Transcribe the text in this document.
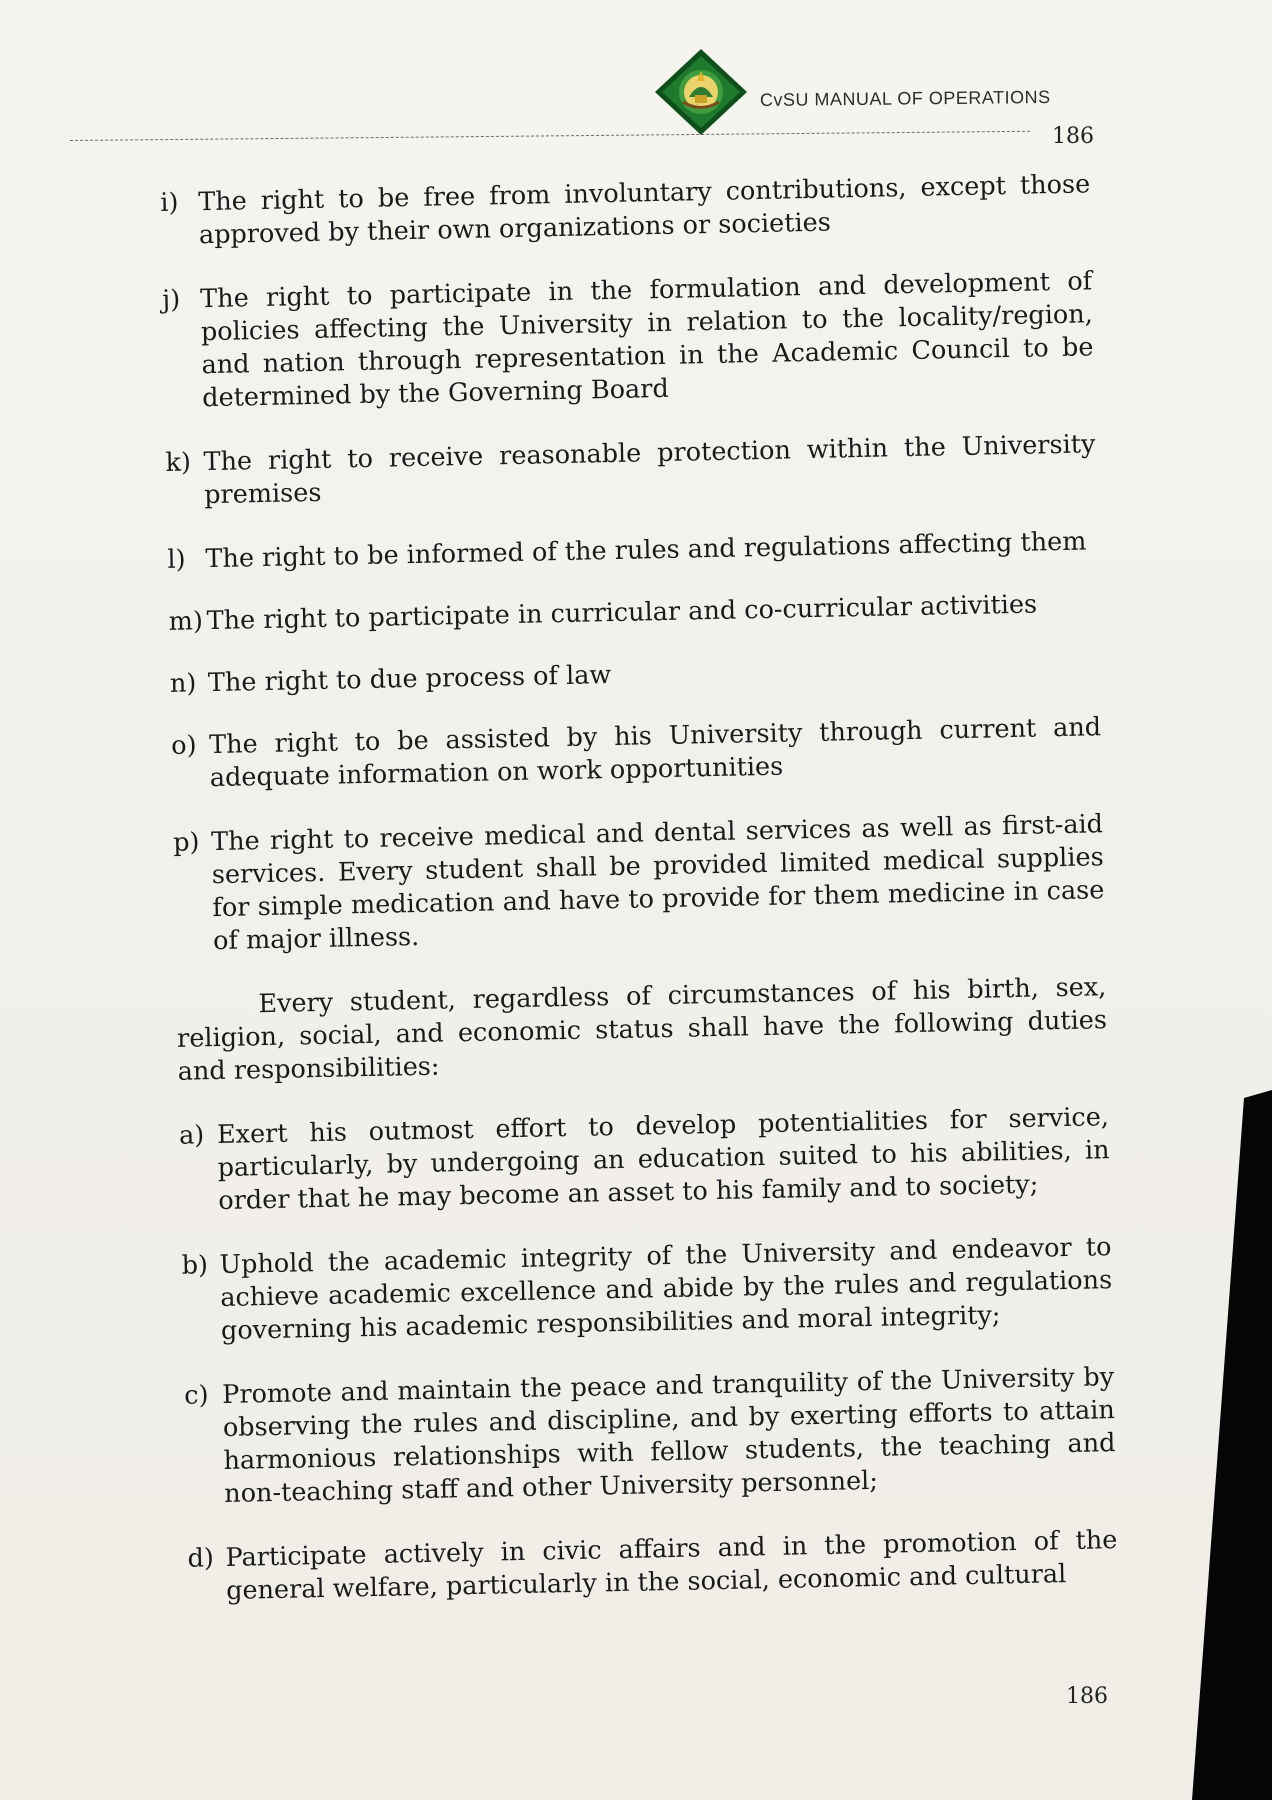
CvSU MANUAL OF OPERATIONS
186
i) The right to be free from involuntary contributions, except those approved by their own organizations or societies
j) The right to participate in the formulation and development of policies affecting the University in relation to the locality/region, and nation through representation in the Academic Council to be determined by the Governing Board
k) The right to receive reasonable protection within the University premises
l) The right to be informed of the rules and regulations affecting them
m) The right to participate in curricular and co-curricular activities
n) The right to due process of law
o) The right to be assisted by his University through current and adequate information on work opportunities
p) The right to receive medical and dental services as well as first-aid services. Every student shall be provided limited medical supplies for simple medication and have to provide for them medicine in case of major illness.

Every student, regardless of circumstances of his birth, sex, religion, social, and economic status shall have the following duties and responsibilities:

a) Exert his outmost effort to develop potentialities for service, particularly, by undergoing an education suited to his abilities, in order that he may become an asset to his family and to society;
b) Uphold the academic integrity of the University and endeavor to achieve academic excellence and abide by the rules and regulations governing his academic responsibilities and moral integrity;
c) Promote and maintain the peace and tranquility of the University by observing the rules and discipline, and by exerting efforts to attain harmonious relationships with fellow students, the teaching and non-teaching staff and other University personnel;
d) Participate actively in civic affairs and in the promotion of the general welfare, particularly in the social, economic and cultural
186
